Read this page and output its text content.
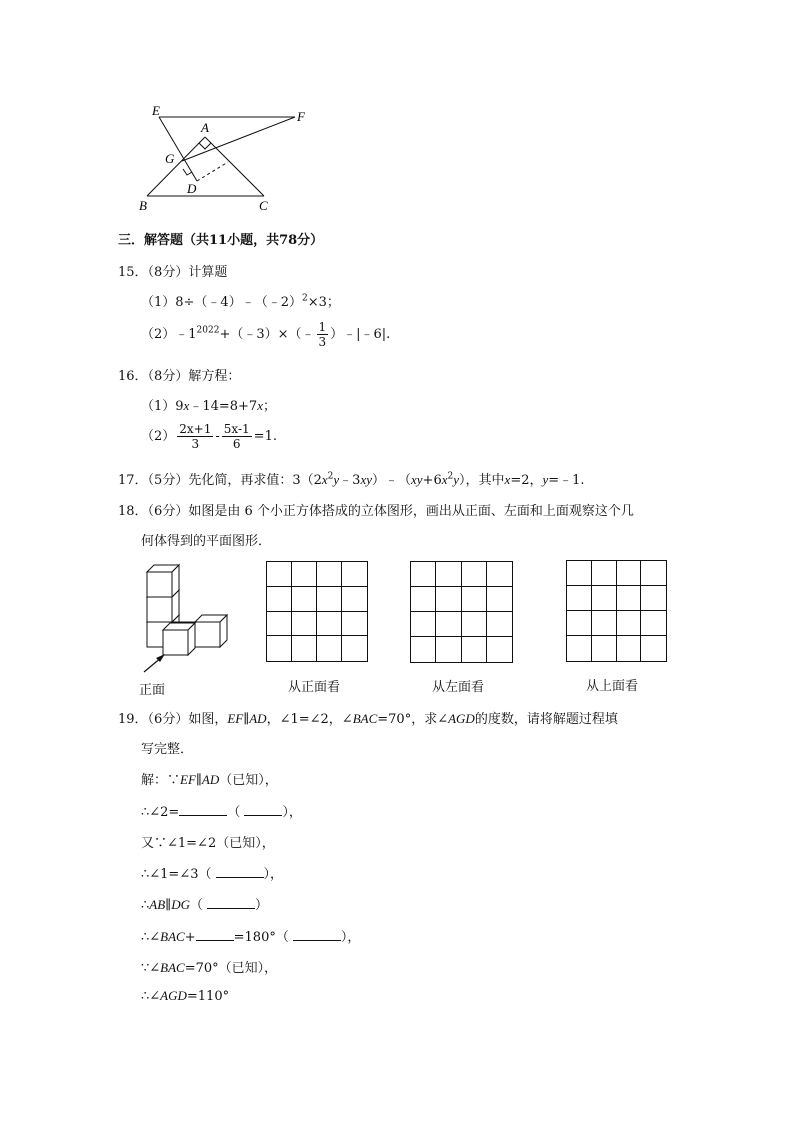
E
A
F
G
D
B	C
三．解答题（共11小题，共78分）
15．（8分）计算题
（1）8÷（﹣4）﹣（﹣2）$^2$×3；
$(2)﹣1^{2022}+(﹣3)\times(﹣ \frac{1}{3}$ ）﹣|﹣6|.
16．（8分）解方程：
（1）9x﹣14=8+7x；
$(2) \frac{2x+1}{3} - \frac{5x-1}{6} =1$.
17．（5分）先化简，再求值：$3(2x^2y﹣3xy)﹣(xy+6x^2y)$，其中x=2，y=﹣1.
18．（6分）如图是由 6 个小正方体搭成的立体图形，画出从正面、左面和上面观察这个几
何体得到的平面图形．
正面	从正面看	从左面看	从上面看
19．（6分）如图，EF∥AD，∠1=∠2，∠BAC=70°，求∠AGD的度数，请将解题过程填
写完整．
解：∵EF∥AD（已知），
∴∠2=	（	），
又∵∠1=∠2（已知），
∴∠1=∠3（	），
∴AB∥DG（	）
∴∠BAC+	=180°（	），
∵∠BAC=70°（已知），
∴∠AGD=110°
